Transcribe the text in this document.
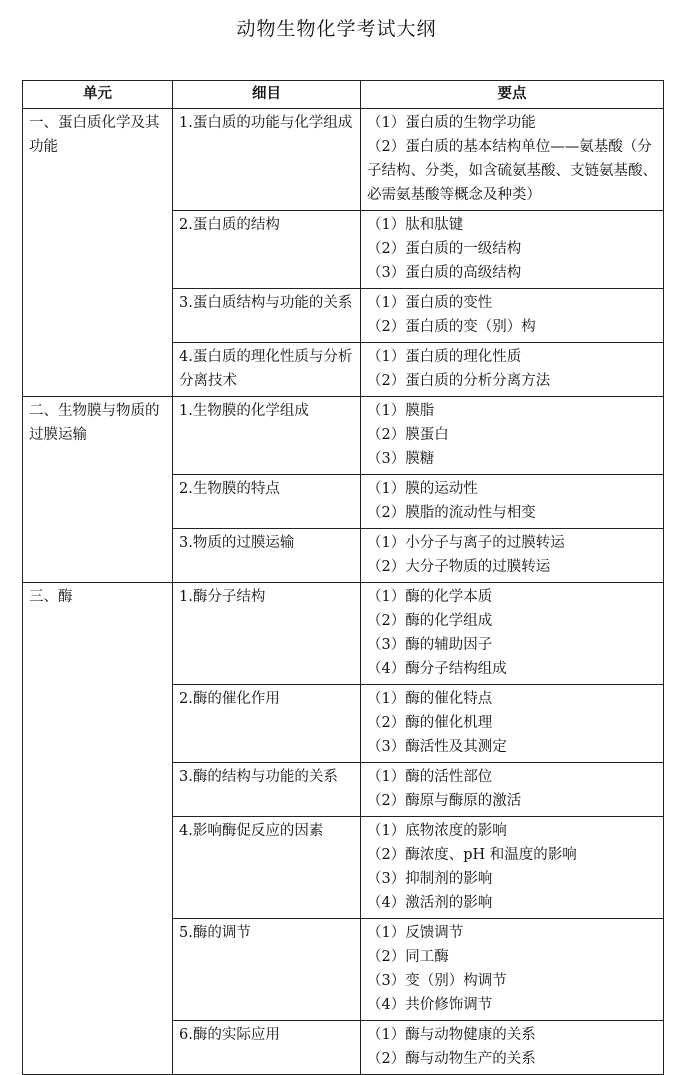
动物生物化学考试大纲
单元	细目	要点
一、蛋白质化学及其功能	1.蛋白质的功能与化学组成	（1）蛋白质的生物学功能
（2）蛋白质的基本结构单位——氨基酸（分子结构、分类，如含硫氨基酸、支链氨基酸、必需氨基酸等概念及种类）

	2.蛋白质的结构	（1）肽和肽键
（2）蛋白质的一级结构
（3）蛋白质的高级结构

	3.蛋白质结构与功能的关系	（1）蛋白质的变性
（2）蛋白质的变（别）构

	4.蛋白质的理化性质与分析分离技术	（1）蛋白质的理化性质
（2）蛋白质的分析分离方法

二、生物膜与物质的过膜运输	1.生物膜的化学组成	（1）膜脂
（2）膜蛋白
（3）膜糖

	2.生物膜的特点	（1）膜的运动性
（2）膜脂的流动性与相变

	3.物质的过膜运输	（1）小分子与离子的过膜转运
（2）大分子物质的过膜转运

三、酶	1.酶分子结构	（1）酶的化学本质
（2）酶的化学组成
（3）酶的辅助因子
（4）酶分子结构组成

	2.酶的催化作用	（1）酶的催化特点
（2）酶的催化机理
（3）酶活性及其测定

	3.酶的结构与功能的关系	（1）酶的活性部位
（2）酶原与酶原的激活

	4.影响酶促反应的因素	（1）底物浓度的影响
（2）酶浓度、pH 和温度的影响
（3）抑制剂的影响
（4）激活剂的影响

	5.酶的调节	（1）反馈调节
（2）同工酶
（3）变（别）构调节
（4）共价修饰调节

	6.酶的实际应用	（1）酶与动物健康的关系
（2）酶与动物生产的关系
